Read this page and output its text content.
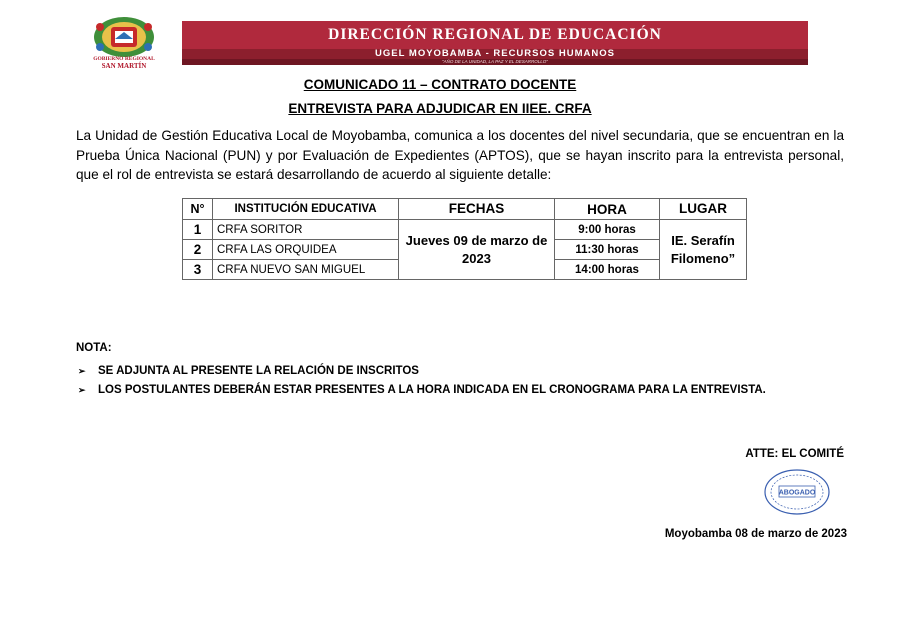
GOBIERNO REGIONAL
SAN MARTÍN
DIRECCIÓN REGIONAL DE EDUCACIÓN
UGEL MOYOBAMBA - RECURSOS HUMANOS
"AÑO DE LA UNIDAD, LA PAZ Y EL DESARROLLO"
COMUNICADO 11 – CONTRATO DOCENTE
ENTREVISTA PARA ADJUDICAR EN IIEE. CRFA
La Unidad de Gestión Educativa Local de Moyobamba, comunica a los docentes del nivel secundaria, que se encuentran en la Prueba Única Nacional (PUN) y por Evaluación de Expedientes (APTOS), que se hayan inscrito para la entrevista personal, que el rol de entrevista se estará desarrollando de acuerdo al siguiente detalle:
N°	INSTITUCIÓN EDUCATIVA	FECHAS	HORA	LUGAR
1	CRFA SORITOR	Jueves 09 de marzo de 2023	9:00 horas	IE. Serafín Filomeno”
2	CRFA LAS ORQUIDEA		11:30 horas	
3	CRFA NUEVO SAN MIGUEL		14:00 horas	
NOTA:
➢ SE ADJUNTA AL PRESENTE LA RELACIÓN DE INSCRITOS
➢ LOS POSTULANTES DEBERÁN ESTAR PRESENTES A LA HORA INDICADA EN EL CRONOGRAMA PARA LA ENTREVISTA.
ATTE: EL COMITÉ
ABOGADO
Moyobamba 08 de marzo de 2023
